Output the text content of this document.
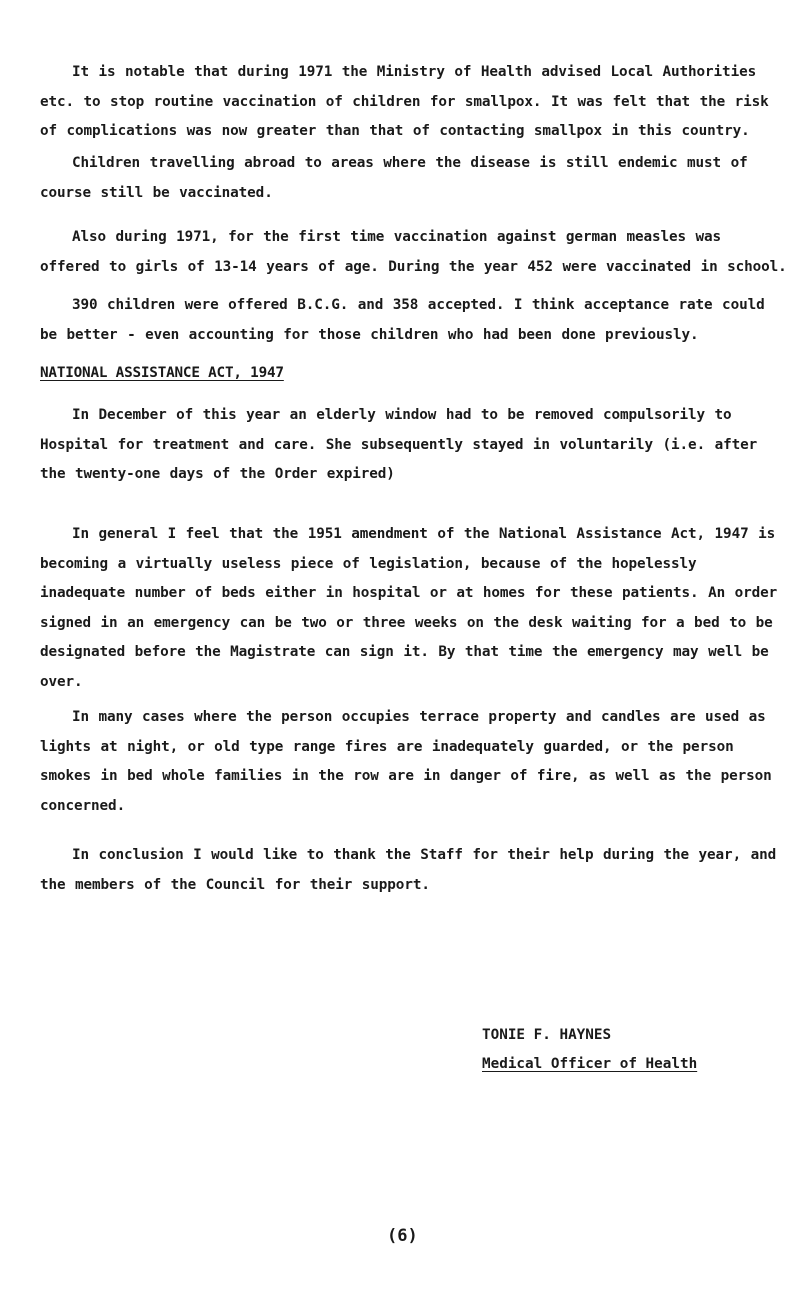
It is notable that during 1971 the Ministry of Health advised Local Authorities etc. to stop routine vaccination of children for smallpox. It was felt that the risk of complications was now greater than that of contacting smallpox in this country.

Children travelling abroad to areas where the disease is still endemic must of course still be vaccinated.

Also during 1971, for the first time vaccination against german measles was offered to girls of 13-14 years of age. During the year 452 were vaccinated in school.

390 children were offered B.C.G. and 358 accepted. I think acceptance rate could be better - even accounting for those children who had been done previously.

NATIONAL ASSISTANCE ACT, 1947

In December of this year an elderly window had to be removed compulsorily to Hospital for treatment and care. She subsequently stayed in voluntarily (i.e. after the twenty-one days of the Order expired)

In general I feel that the 1951 amendment of the National Assistance Act, 1947 is becoming a virtually useless piece of legislation, because of the hopelessly inadequate number of beds either in hospital or at homes for these patients. An order signed in an emergency can be two or three weeks on the desk waiting for a bed to be designated before the Magistrate can sign it. By that time the emergency may well be over.

In many cases where the person occupies terrace property and candles are used as lights at night, or old type range fires are inadequately guarded, or the person smokes in bed whole families in the row are in danger of fire, as well as the person concerned.

In conclusion I would like to thank the Staff for their help during the year, and the members of the Council for their support.

TONIE F. HAYNES
Medical Officer of Health

(6)
